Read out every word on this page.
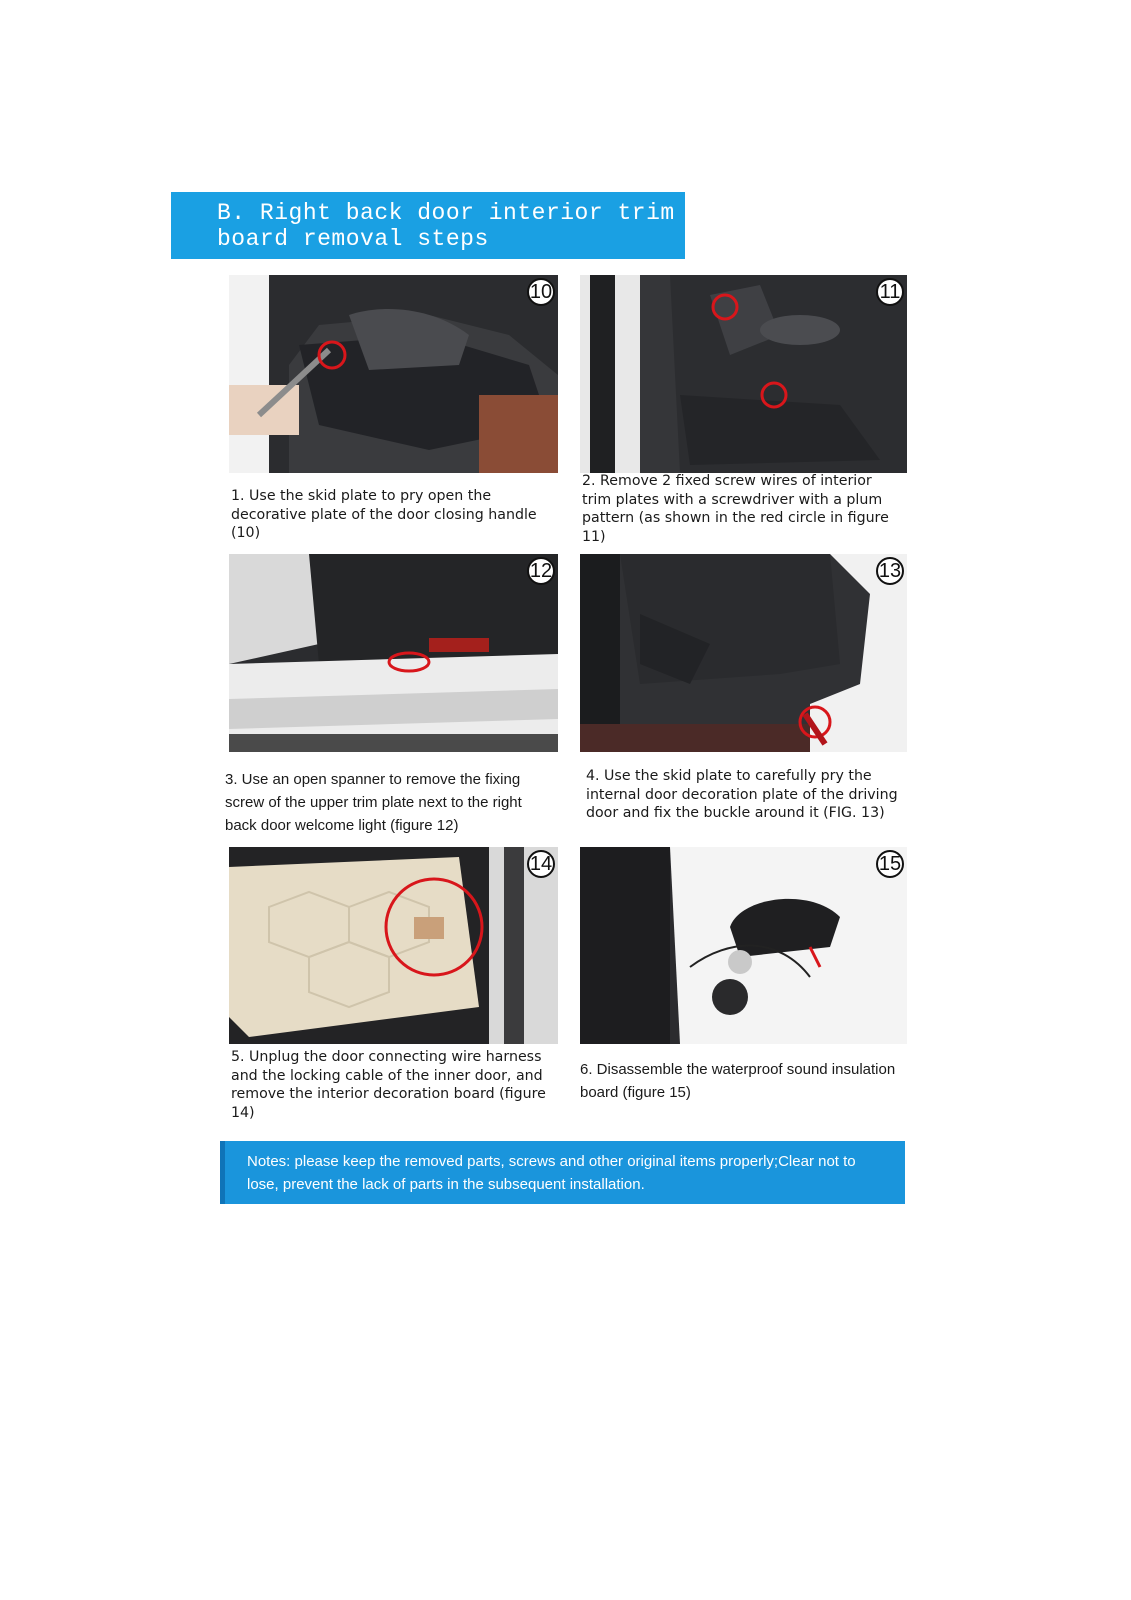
B. Right back door interior trim
board removal steps
10	11
1. Use the skid plate to pry open the decorative plate of the door closing handle (10)
2. Remove 2 fixed screw wires of interior trim plates with a screwdriver with a plum pattern (as shown in the red circle in figure 11)
12	13
3. Use an open spanner to remove the fixing screw of the upper trim plate next to the right back door welcome light (figure 12)
4. Use the skid plate to carefully pry the internal door decoration plate of the driving door and fix the buckle around it (FIG. 13)
14	15
5. Unplug the door connecting wire harness and the locking cable of the inner door, and remove the interior decoration board (figure 14)
6. Disassemble the waterproof sound insulation board (figure 15)
Notes: please keep the removed parts, screws and other original items properly;Clear not to lose, prevent the lack of parts in the subsequent installation.
